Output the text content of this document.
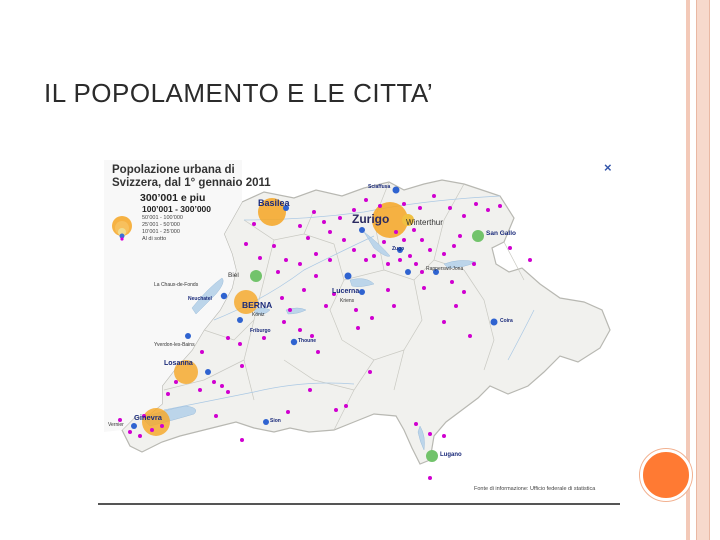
IL POPOLAMENTO E LE CITTA’
×
Popolazione urbana di
Svizzera, dal 1° gennaio 2011
300’001 e piu
100’001 - 300’000
50’001 - 100’000
25’001 - 50’000
10’001 - 25’000
Al di sotto
Basilea
Zurigo Winterthur
San Gallo
BERNA
Biel
Lucerna
Losanna
Ginevra
Lugano
La Chaux-de-Fonds
Neuchatel
Friburgo
Thoune
Coira
Sion
Sciaffusa
Zugo
Köniz
Kriens
Yverdon-les-Bains
Vernier
Rapperswil-Jona
Fonte di informazione: Ufficio federale di statistica
